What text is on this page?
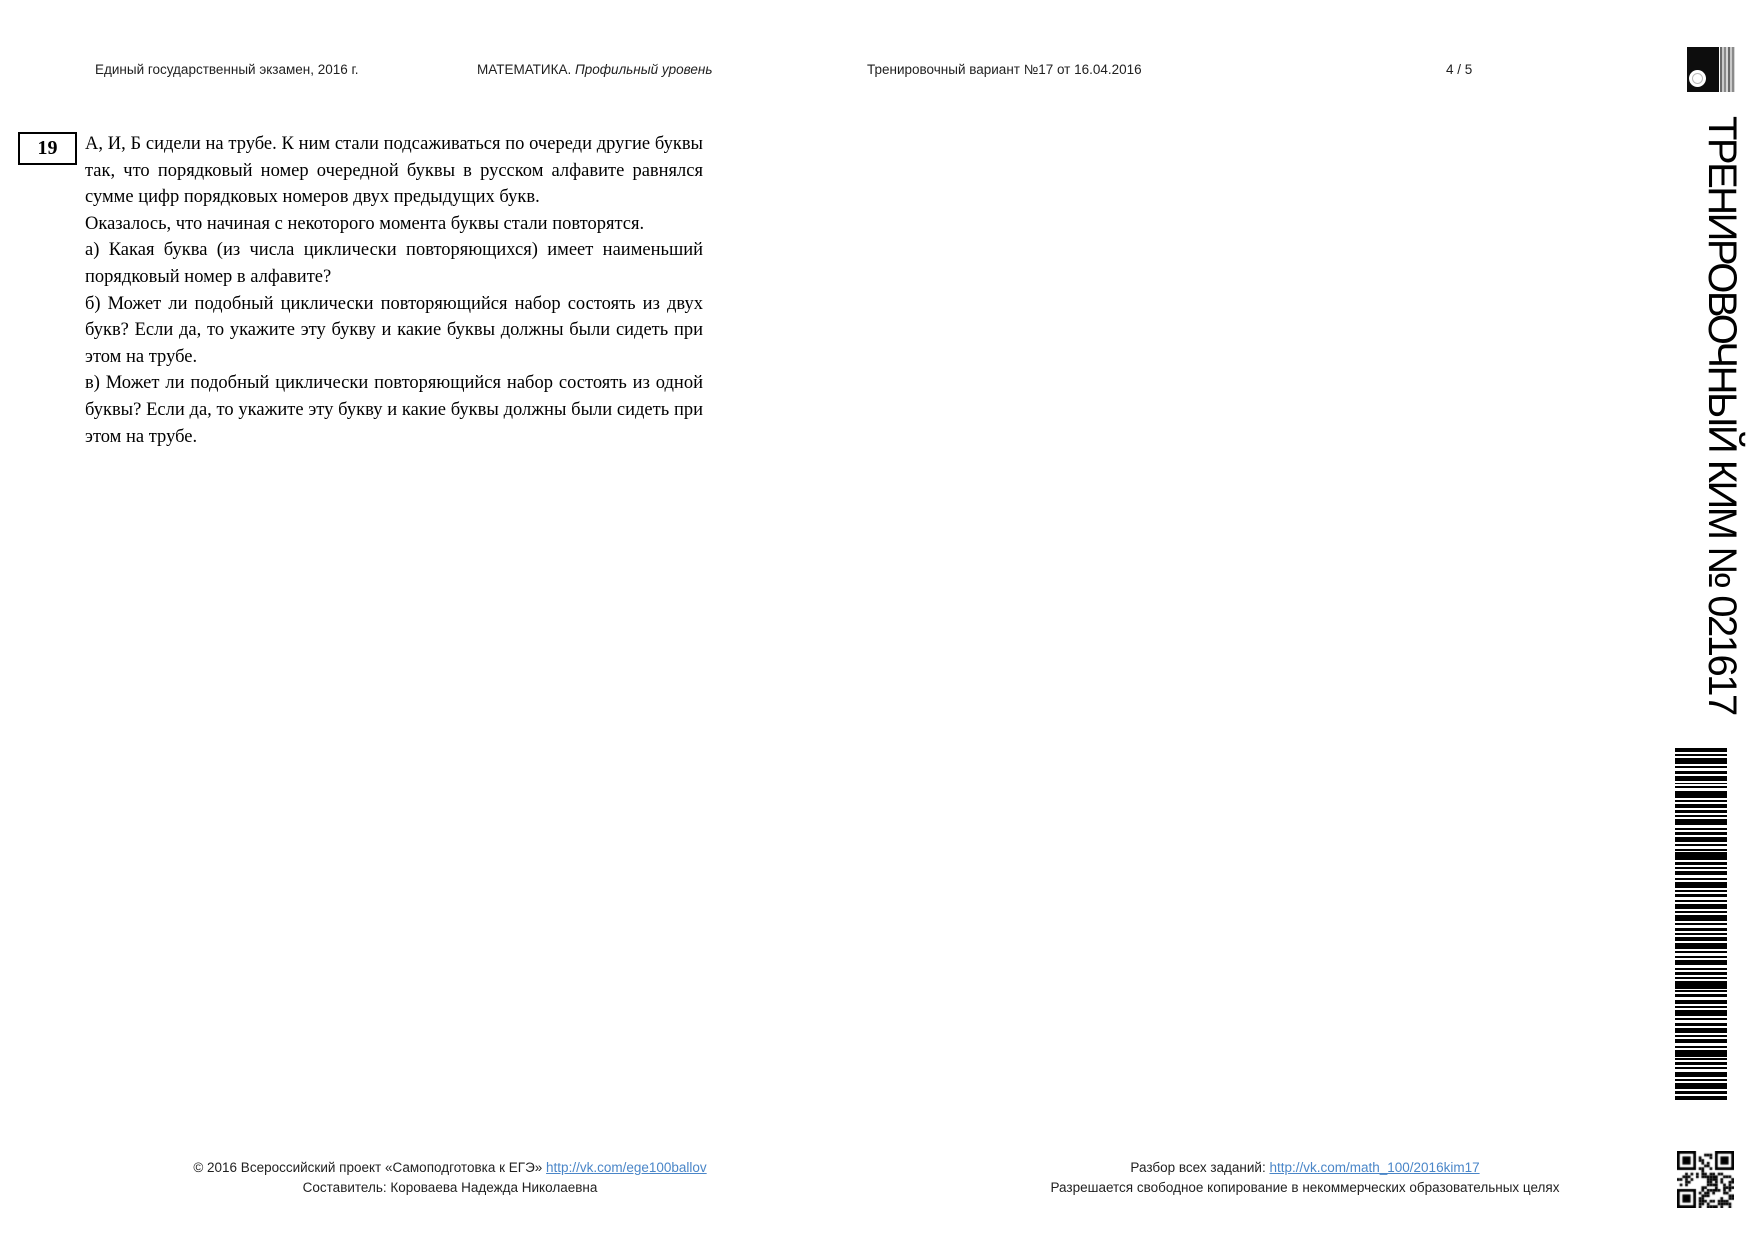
Единый государственный экзамен, 2016 г.	МАТЕМАТИКА. Профильный уровень	Тренировочный вариант №17 от 16.04.2016	4 / 5
19	А, И, Б сидели на трубе. К ним стали подсаживаться по очереди другие буквы так, что порядковый номер очередной буквы в русском алфавите равнялся сумме цифр порядковых номеров двух предыдущих букв.

Оказалось, что начиная с некоторого момента буквы стали повторятся.

а) Какая буква (из числа циклически повторяющихся) имеет наименьший порядковый номер в алфавите?

б) Может ли подобный циклически повторяющийся набор состоять из двух букв? Если да, то укажите эту букву и какие буквы должны были сидеть при этом на трубе.

в) Может ли подобный циклически повторяющийся набор состоять из одной буквы? Если да, то укажите эту букву и какие буквы должны были сидеть при этом на трубе.	ТРЕНИРОВОЧНЫЙ КИМ № 021617
© 2016 Всероссийский проект «Самоподготовка к ЕГЭ» http://vk.com/ege100ballov
Составитель: Короваева Надежда Николаевна
Разбор всех заданий: http://vk.com/math_100/2016kim17
Разрешается свободное копирование в некоммерческих образовательных целях
